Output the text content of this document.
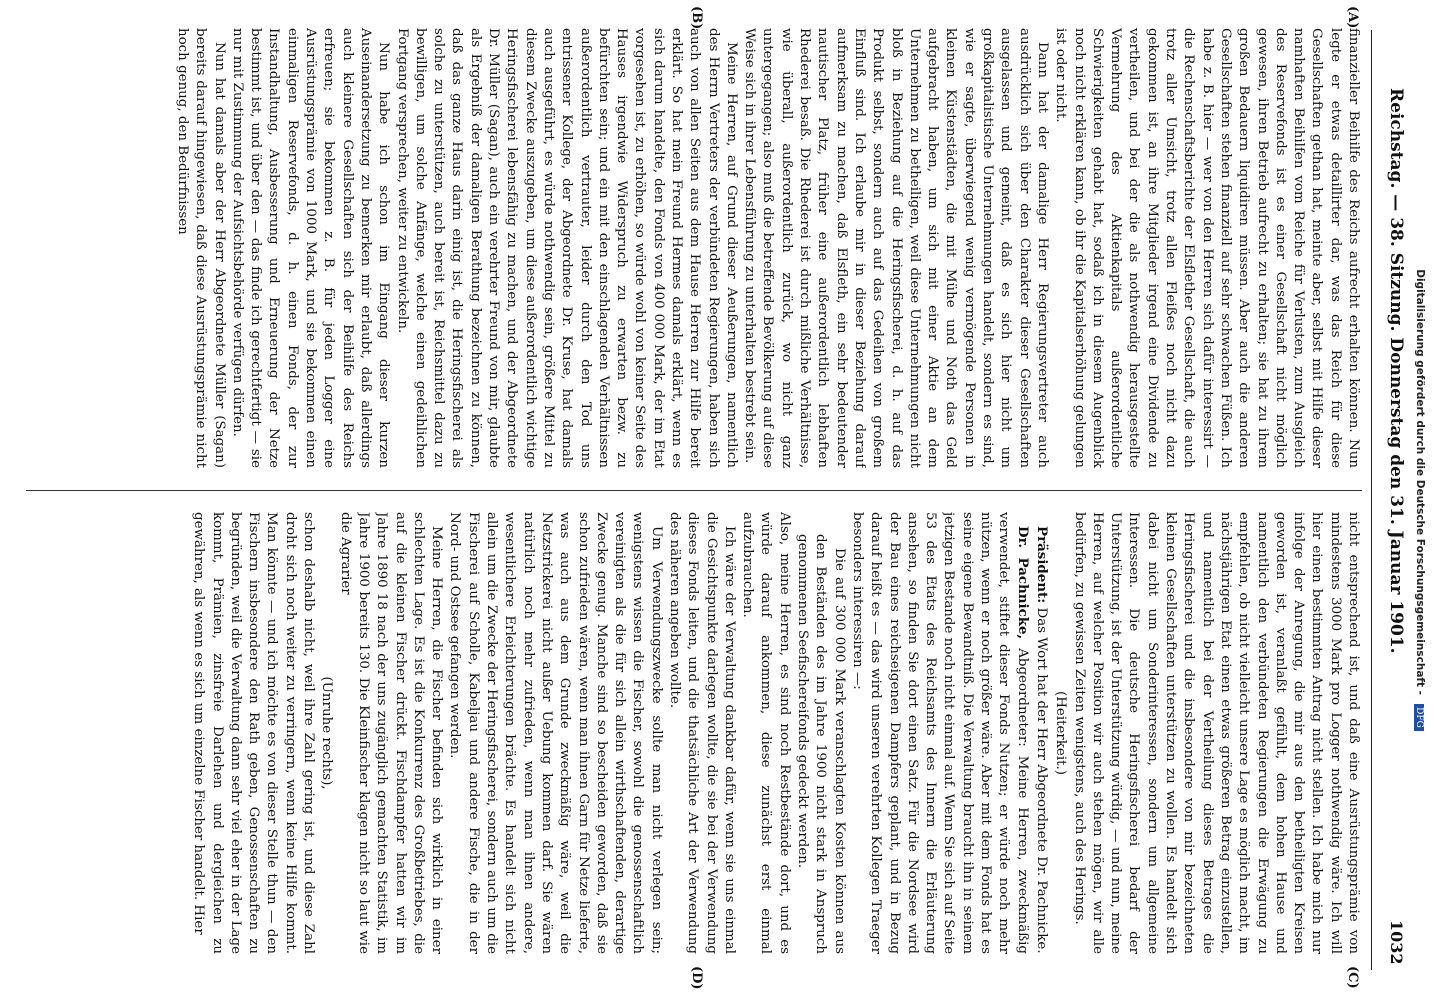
Reichstag. — 38. Sitzung. Donnerstag den 31. Januar 1901.
1032
(A)
(B)
(C)
(D)

finanzieller Beihilfe des Reichs aufrecht erhalten können. Nun legte er etwas detaillirter dar, was das Reich für diese Gesellschaften gethan hat, meinte aber, selbst mit Hilfe dieser namhaften Beihilfen vom Reiche für Verlusten, zum Ausgleich des Reservefonds ist es einer Gesellschaft nicht möglich gewesen, ihren Betrieb aufrecht zu erhalten; sie hat zu ihrem großen Bedauern liquidiren müssen. Aber auch die anderen Gesellschaften stehen finanziell auf sehr schwachen Füßen. Ich habe z. B. hier — wer von den Herren sich dafür interessirt — die Rechenschaftsberichte der Elsflether Gesellschaft, die auch trotz aller Umsicht, trotz allen Fleißes noch nicht dazu gekommen ist, an ihre Mitglieder irgend eine Dividende zu vertheilen, und bei der die als nothwendig herausgestellte Vermehrung des Aktienkapitals außerordentliche Schwierigkeiten gehabt hat, sodaß ich in diesem Augenblick noch nicht erklären kann, ob ihr die Kapitalserhöhung gelungen ist oder nicht.

Dann hat der damalige Herr Regierungsvertreter auch ausdrücklich sich über den Charakter dieser Gesellschaften ausgelassen und gemeint, daß es sich hier nicht um großkapitalistische Unternehmungen handelt, sondern es sind, wie er sagte, überwiegend wenig vermögende Personen in kleinen Küstenstädten, die mit Mühe und Noth das Geld aufgebracht haben, um sich mit einer Aktie an dem Unternehmen zu betheiligen, weil diese Unternehmungen nicht bloß in Beziehung auf die Heringsfischerei, d. h. auf das Produkt selbst, sondern auch auf das Gedeihen von großem Einfluß sind. Ich erlaube mir in dieser Beziehung darauf aufmerksam zu machen, daß Elsfleth, ein sehr bedeutender nautischer Platz, früher eine außerordentlich lebhaften Rhederei besaß. Die Rhederei ist durch mißliche Verhältnisse, wie überall, außerordentlich zurück, wo nicht ganz untergegangen; also muß die betreffende Bevölkerung auf diese Weise sich in ihrer Lebensführung zu unterhalten bestrebt sein.

Meine Herren, auf Grund dieser Aeußerungen, namentlich des Herrn Vertreters der verbündeten Regierungen, haben sich auch von allen Seiten aus dem Hause Herren zur Hilfe bereit erklärt. So hat mein Freund Hermes damals erklärt, wenn es sich darum handelte, den Fonds von 400 000 Mark, der im Etat vorgesehen ist, zu erhöhen, so würde wohl von keiner Seite des Hauses irgendwie Widerspruch zu erwarten bezw. zu befürchten sein; und ein mit den einschlagenden Verhältnissen außerordentlich vertrauter, leider durch den Tod uns entrissener Kollege, der Abgeordnete Dr. Kruse, hat damals auch ausgeführt, es würde nothwendig sein, größere Mittel zu diesem Zwecke auszugeben, um diese außerordentlich wichtige Heringsfischerei lebensfähig zu machen, und der Abgeordnete Dr. Müller (Sagan), auch ein verehrter Freund von mir, glaubte als Ergebniß der damaligen Berathung bezeichnen zu können, daß das ganze Haus darin einig ist, die Heringsfischerei als solche zu unterstützen, auch bereit ist, Reichsmittel dazu zu bewilligen, um solche Anfänge, welche einen gedeihlichen Fortgang versprechen, weiter zu entwickeln.

Nun habe ich schon im Eingang dieser kurzen Auseinandersetzung zu bemerken mir erlaubt, daß allerdings auch kleinere Gesellschaften sich der Beihilfe des Reichs erfreuen; sie bekommen z. B. für jeden Logger eine Ausrüstungsprämie von 1000 Mark, und sie bekommen einen einmaligen Reservefonds, d. h. einen Fonds, der zur Instandhaltung, Ausbesserung und Erneuerung der Netze bestimmt ist, und über den — das finde ich gerechtfertigt — sie nur mit Zustimmung der Aufsichtsbehörde verfügen dürfen.

Nun hat damals aber der Herr Abgeordnete Müller (Sagan) bereits darauf hingewiesen, daß diese Ausrüstungsprämie nicht hoch genug, den Bedürfnissen

nicht entsprechend ist, und daß eine Ausrüstungsprämie von mindestens 3000 Mark pro Logger nothwendig wäre. Ich will hier einen bestimmten Antrag nicht stellen. Ich habe mich nur infolge der Anregung, die mir aus den betheiligten Kreisen geworden ist, veranlaßt gefühlt, dem hohen Hause und namentlich den verbündeten Regierungen die Erwägung zu empfehlen, ob nicht vielleicht unsere Lage es möglich macht, im nächstjährigen Etat einen etwas größeren Betrag einzustellen, und namentlich bei der Vertheilung dieses Betrages die Heringsfischerei und die insbesondere von mir bezeichneten kleinen Gesellschaften unterstützen zu wollen. Es handelt sich dabei nicht um Sonderinteressen, sondern um allgemeine Interessen. Die deutsche Heringsfischerei bedarf der Unterstützung, ist der Unterstützung würdig, — und nun, meine Herren, auf welcher Position wir auch stehen mögen, wir alle bedürfen, zu gewissen Zeiten wenigstens, auch des Herings.

(Heiterkeit.)

Präsident: Das Wort hat der Herr Abgeordnete Dr. Pachnicke.

Dr. Pachnicke, Abgeordneter: Meine Herren, zweckmäßig verwendet, stiftet dieser Fonds Nutzen; er würde noch mehr nützen, wenn er noch größer wäre. Aber mit dem Fonds hat es seine eigene Bewandtniß. Die Verwaltung braucht ihn in seinem jetzigen Bestande noch nicht einmal auf. Wenn Sie sich auf Seite 53 des Etats des Reichsamts des Innern die Erläuterung ansehen, so finden Sie dort einen Satz. Für die Nordsee wird der Bau eines reichseigenen Dampfers geplant, und in Bezug darauf heißt es — das wird unseren verehrten Kollegen Traeger besonders interessiren —:

Die auf 300 000 Mark veranschlagten Kosten können aus den Beständen des im Jahre 1900 nicht stark in Anspruch genommenen Seefischereifonds gedeckt werden.

Also, meine Herren, es sind noch Restbestände dort, und es würde darauf ankommen, diese zunächst erst einmal aufzubrauchen.

Ich wäre der Verwaltung dankbar dafür, wenn sie uns einmal die Gesichtspunkte darlegen wollte, die sie bei der Verwendung dieses Fonds leiten, und die thatsächliche Art der Verwendung des näheren angeben wollte.

Um Verwendungszwecke sollte man nicht verlegen sein; wenigstens wissen die Fischer, sowohl die genossenschaftlich vereinigten als die für sich allein wirthschaftenden, derartige Zwecke genug. Manche sind so bescheiden geworden, daß sie schon zufrieden wären, wenn man ihnen Garn für Netze lieferte, was auch aus dem Grunde zweckmäßig wäre, weil die Netzstrickerei nicht außer Uebung kommen darf. Sie wären natürlich noch mehr zufrieden, wenn man ihnen andere, wesentlichere Erleichterungen brächte. Es handelt sich nicht allein um die Zwecke der Heringsfischerei, sondern auch um die Fischerei auf Scholle, Kabeljau und andere Fische, die in der Nord- und Ostsee gefangen werden.

Meine Herren, die Fischer befinden sich wirklich in einer schlechten Lage. Es ist die Konkurrenz des Großbetriebes, die auf die kleinen Fischer drückt. Fischdampfer hatten wir im Jahre 1890 18 nach der uns zugänglich gemachten Statistik, im Jahre 1900 bereits 130. Die Kleinfischer klagen nicht so laut wie die Agrarier

(Unruhe rechts),

schon deshalb nicht, weil ihre Zahl gering ist, und diese Zahl droht sich noch weiter zu verringern, wenn keine Hilfe kommt. Man könnte — und ich möchte es von dieser Stelle thun — den Fischern insbesondere den Rath geben, Genossenschaften zu begründen, weil die Verwaltung dann sehr viel eher in der Lage kommt, Prämien, zinsfreie Darlehen und dergleichen zu gewähren, als wenn es sich um einzelne Fischer handelt. Hier

Digitalisierung gefördert durch die Deutsche Forschungsgemeinschaft - DFG
